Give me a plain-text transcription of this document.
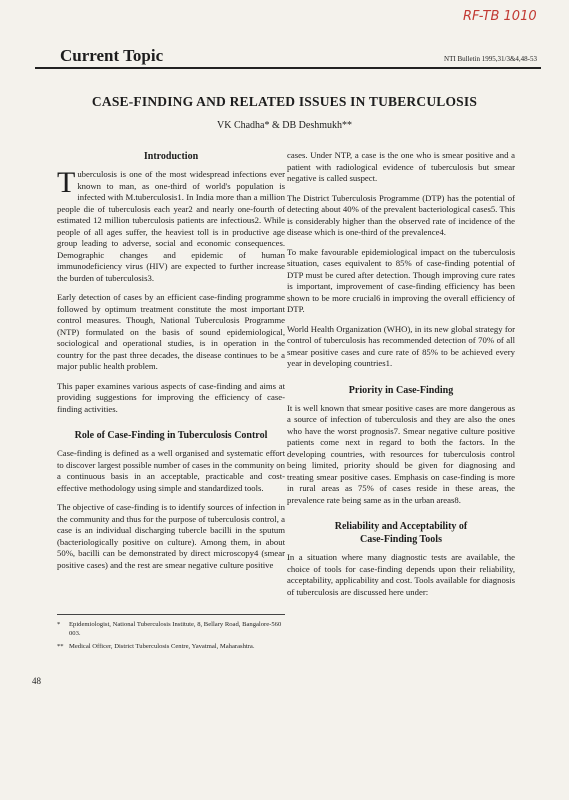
RF-TB 1010
Current Topic	NTI Bulletin 1995,31/3&4,48-53
CASE-FINDING AND RELATED ISSUES IN TUBERCULOSIS
VK Chadha* & DB Deshmukh**
Introduction

Tuberculosis is one of the most widespread infections ever known to man, as one-third of world's population is infected with M.tuberculosis1. In India more than a million people die of tuberculosis each year2 and nearly one-fourth of estimated 12 million tuberculosis patients are infectious2. While people of all ages suffer, the heaviest toll is in productive age group leading to adverse, social and economic consequences. Demographic changes and epidemic of human immunodeficiency virus (HIV) are expected to further increase the burden of tuberculosis3.

Early detection of cases by an efficient case-finding programme followed by optimum treatment constitute the most important control measures. Though, National Tuberculosis Programme (NTP) formulated on the basis of sound epidemiological, sociological and operational studies, is in operation in the country for the past three decades, the disease continues to be a major public health problem.

This paper examines various aspects of case-finding and aims at providing suggestions for improving the efficiency of case-finding activities.

Role of Case-Finding in Tuberculosis Control

Case-finding is defined as a well organised and systematic effort to discover largest possible number of cases in the community on a continuous basis in an acceptable, practicable and cost-effective methodology using simple and standardized tools.

The objective of case-finding is to identify sources of infection in the community and thus for the purpose of tuberculosis control, a case is an individual discharging tubercle bacilli in the sputum (bacteriologically positive on culture). Among them, in about 50%, bacilli can be demonstrated by direct microscopy4 (smear positive cases) and the rest are smear negative culture positive

* Epidemiologist, National Tuberculosis Institute, 8, Bellary Road, Bangalore-560 003.
** Medical Officer, District Tuberculosis Centre, Yavatmal, Maharashtra.

cases. Under NTP, a case is the one who is smear positive and a patient with radiological evidence of tuberculosis but smear negative is called suspect.

The District Tuberculosis Programme (DTP) has the potential of detecting about 40% of the prevalent bacteriological cases5. This is considerably higher than the observed rate of incidence of the disease which is one-third of the prevalence4.

To make favourable epidemiological impact on the tuberculosis situation, cases equivalent to 85% of case-finding potential of DTP must be cured after detection. Though improving cure rates is important, improvement of case-finding efficiency has been shown to be more crucial6 in improving the overall efficiency of DTP.

World Health Organization (WHO), in its new global strategy for control of tuberculosis has recommended detection of 70% of all smear positive cases and cure rate of 85% to be achieved every year in developing countries1.

Priority in Case-Finding

It is well known that smear positive cases are more dangerous as a source of infection of tuberculosis and they are also the ones who have the worst prognosis7. Smear negative culture positive patients come next in regard to both the factors. In the developing countries, with resources for tuberculosis control being limited, priority should be given for diagnosing and treating smear positive cases. Emphasis on case-finding is more in rural areas as 75% of cases reside in these areas, the prevalence rate being same as in the urban areas8.

Reliability and Acceptability of
Case-Finding Tools

In a situation where many diagnostic tests are available, the choice of tools for case-finding depends upon their reliability, acceptability, applicability and cost. Tools available for diagnosis of tuberculosis are discussed here under:

48
